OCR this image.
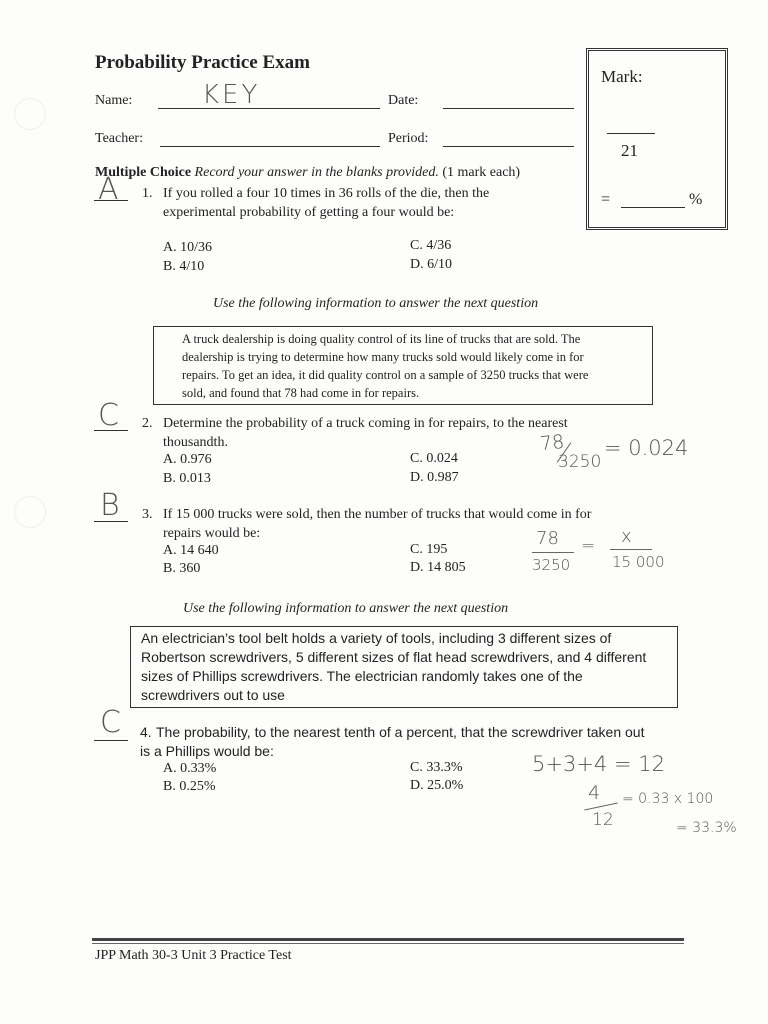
Probability Practice Exam
Name:	KEY	Date:
Teacher:	Period:
Mark:
21
=	%
Multiple Choice Record your answer in the blanks provided. (1 mark each)
A 1. If you rolled a four 10 times in 36 rolls of the die, then the
experimental probability of getting a four would be:
A. 10/36
B. 4/10
C. 4/36
D. 6/10
Use the following information to answer the next question
A truck dealership is doing quality control of its line of trucks that are sold. The
dealership is trying to determine how many trucks sold would likely come in for
repairs. To get an idea, it did quality control on a sample of 3250 trucks that were
sold, and found that 78 had come in for repairs.
C 2. Determine the probability of a truck coming in for repairs, to the nearest
thousandth.
A. 0.976
B. 0.013
C. 0.024
D. 0.987
78
3250
= 0.024
B 3. If 15 000 trucks were sold, then the number of trucks that would come in for
repairs would be:
A. 14 640
B. 360
C. 195
D. 14 805
78
3250
= x
15 000
Use the following information to answer the next question
An electrician’s tool belt holds a variety of tools, including 3 different sizes of
Robertson screwdrivers, 5 different sizes of flat head screwdrivers, and 4 different
sizes of Phillips screwdrivers. The electrician randomly takes one of the
screwdrivers out to use
C 4. The probability, to the nearest tenth of a percent, that the screwdriver taken out
is a Phillips would be:
A. 0.33%
B. 0.25%
C. 33.3%
D. 25.0%
5+3+4 = 12
4
12
= 0.33 x 100
= 33.3%
JPP Math 30-3 Unit 3 Practice Test
